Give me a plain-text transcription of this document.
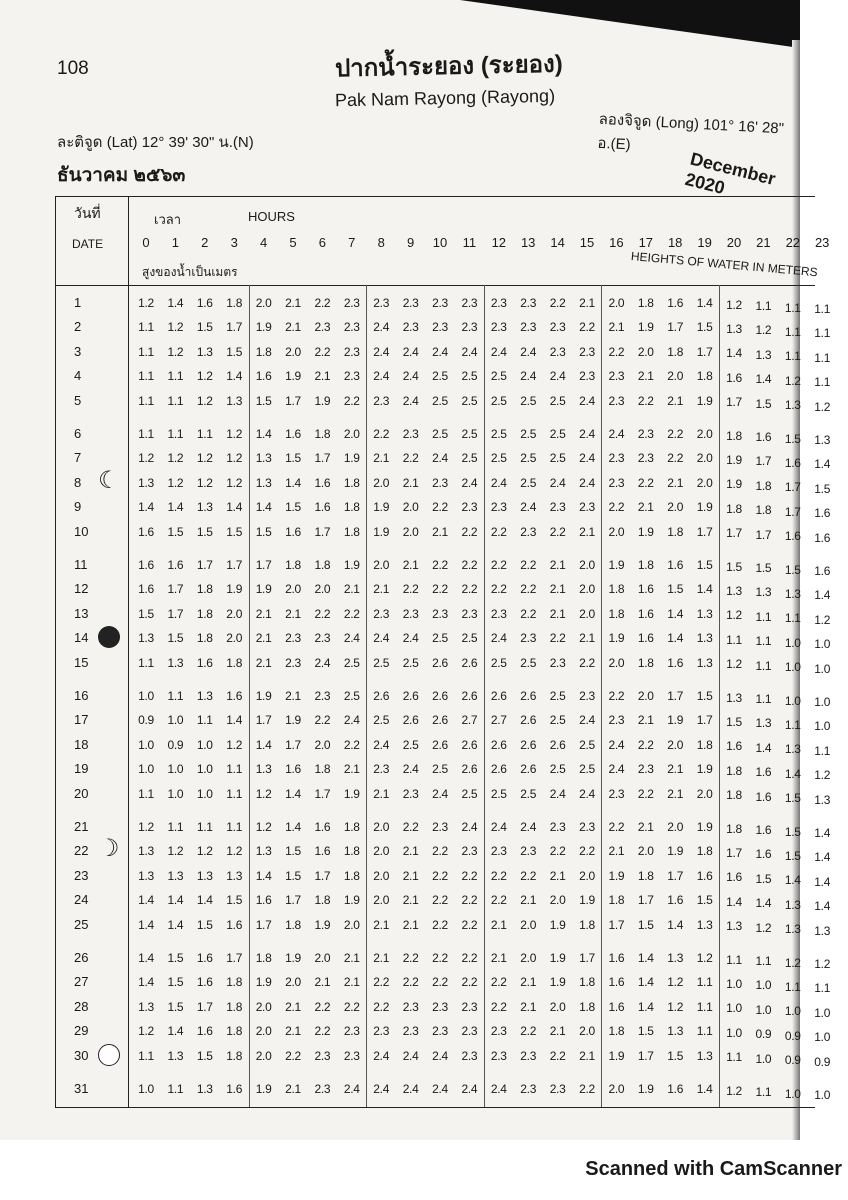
108	ปากน้ำระยอง (ระยอง)
Pak Nam Rayong (Rayong)
ลองจิจูด (Long) 101° 16' 28" อ.(E)
ละติจูด (Lat) 12° 39' 30" น.(N)
ธันวาคม ๒๕๖๓	December 2020
วันที่
DATE
เวลา	HOURS
สูงของน้ำเป็นเมตร	HEIGHTS OF WATER IN METERS
0	1	2	3	4	5	6	7	8	9	10 11 12 13 14 15 16 17 18 19 20 21 22 23
1	1.2	1.4	1.6	1.8	2.0	2.1	2.2	2.3	2.3	2.3	2.3	2.3	2.3	2.3	2.2	2.1	2.0	1.8	1.6	1.4	1.2	1.1	1.1	1.1
2	1.1	1.2	1.5	1.7	1.9	2.1	2.3	2.3	2.4	2.3	2.3	2.3	2.3	2.3	2.3	2.2	2.1	1.9	1.7	1.5	1.3	1.2	1.1	1.1
3	1.1	1.2	1.3	1.5	1.8	2.0	2.2	2.3	2.4	2.4	2.4	2.4	2.4	2.4	2.3	2.3	2.2	2.0	1.8	1.7	1.4	1.3	1.1	1.1
4	1.1	1.1	1.2	1.4	1.6	1.9	2.1	2.3	2.4	2.4	2.5	2.5	2.5	2.4	2.4	2.3	2.3	2.1	2.0	1.8	1.6	1.4	1.2	1.1
5	1.1	1.1	1.2	1.3	1.5	1.7	1.9	2.2	2.3	2.4	2.5	2.5	2.5	2.5	2.5	2.4	2.3	2.2	2.1	1.9	1.7	1.5	1.3	1.2
6	1.1	1.1	1.1	1.2	1.4	1.6	1.8	2.0	2.2	2.3	2.5	2.5	2.5	2.5	2.5	2.4	2.4	2.3	2.2	2.0	1.8	1.6	1.5	1.3
7	1.2	1.2	1.2	1.2	1.3	1.5	1.7	1.9	2.1	2.2	2.4	2.5	2.5	2.5	2.5	2.4	2.3	2.3	2.2	2.0	1.9	1.7	1.6	1.4
8	1.3	1.2	1.2	1.2	1.3	1.4	1.6	1.8	2.0	2.1	2.3	2.4	2.4	2.5	2.4	2.4	2.3	2.2	2.1	2.0	1.9	1.8	1.7	1.5
☾
9	1.4	1.4	1.3	1.4	1.4	1.5	1.6	1.8	1.9	2.0	2.2	2.3	2.3	2.4	2.3	2.3	2.2	2.1	2.0	1.9	1.8	1.8	1.7	1.6
10	1.6	1.5	1.5	1.5	1.5	1.6	1.7	1.8	1.9	2.0	2.1	2.2	2.2	2.3	2.2	2.1	2.0	1.9	1.8	1.7	1.7	1.7	1.6	1.6
11	1.6	1.6	1.7	1.7	1.7	1.8	1.8	1.9	2.0	2.1	2.2	2.2	2.2	2.2	2.1	2.0	1.9	1.8	1.6	1.5	1.5	1.5	1.5	1.6
12	1.6	1.7	1.8	1.9	1.9	2.0	2.0	2.1	2.1	2.2	2.2	2.2	2.2	2.2	2.1	2.0	1.8	1.6	1.5	1.4	1.3	1.3	1.3	1.4
13	1.5	1.7	1.8	2.0	2.1	2.1	2.2	2.2	2.3	2.3	2.3	2.3	2.3	2.2	2.1	2.0	1.8	1.6	1.4	1.3	1.2	1.1	1.1	1.2
14	1.3	1.5	1.8	2.0	2.1	2.3	2.3	2.4	2.4	2.4	2.5	2.5	2.4	2.3	2.2	2.1	1.9	1.6	1.4	1.3	1.1	1.1	1.0	1.0
15	1.1	1.3	1.6	1.8	2.1	2.3	2.4	2.5	2.5	2.5	2.6	2.6	2.5	2.5	2.3	2.2	2.0	1.8	1.6	1.3	1.2	1.1	1.0	1.0
16	1.0	1.1	1.3	1.6	1.9	2.1	2.3	2.5	2.6	2.6	2.6	2.6	2.6	2.6	2.5	2.3	2.2	2.0	1.7	1.5	1.3	1.1	1.0	1.0
17	0.9	1.0	1.1	1.4	1.7	1.9	2.2	2.4	2.5	2.6	2.6	2.7	2.7	2.6	2.5	2.4	2.3	2.1	1.9	1.7	1.5	1.3	1.1	1.0
18	1.0	0.9	1.0	1.2	1.4	1.7	2.0	2.2	2.4	2.5	2.6	2.6	2.6	2.6	2.6	2.5	2.4	2.2	2.0	1.8	1.6	1.4	1.3	1.1
19	1.0	1.0	1.0	1.1	1.3	1.6	1.8	2.1	2.3	2.4	2.5	2.6	2.6	2.6	2.5	2.5	2.4	2.3	2.1	1.9	1.8	1.6	1.4	1.2
20	1.1	1.0	1.0	1.1	1.2	1.4	1.7	1.9	2.1	2.3	2.4	2.5	2.5	2.5	2.4	2.4	2.3	2.2	2.1	2.0	1.8	1.6	1.5	1.3
21	1.2	1.1	1.1	1.1	1.2	1.4	1.6	1.8	2.0	2.2	2.3	2.4	2.4	2.4	2.3	2.3	2.2	2.1	2.0	1.9	1.8	1.6	1.5	1.4
22	1.3	1.2	1.2	1.2	1.3	1.5	1.6	1.8	2.0	2.1	2.2	2.3	2.3	2.3	2.2	2.2	2.1	2.0	1.9	1.8	1.7	1.6	1.5	1.4
☽
23	1.3	1.3	1.3	1.3	1.4	1.5	1.7	1.8	2.0	2.1	2.2	2.2	2.2	2.2	2.1	2.0	1.9	1.8	1.7	1.6	1.6	1.5	1.4	1.4
24	1.4	1.4	1.4	1.5	1.6	1.7	1.8	1.9	2.0	2.1	2.2	2.2	2.2	2.1	2.0	1.9	1.8	1.7	1.6	1.5	1.4	1.4	1.3	1.4
25	1.4	1.4	1.5	1.6	1.7	1.8	1.9	2.0	2.1	2.1	2.2	2.2	2.1	2.0	1.9	1.8	1.7	1.5	1.4	1.3	1.3	1.2	1.3	1.3
26	1.4	1.5	1.6	1.7	1.8	1.9	2.0	2.1	2.1	2.2	2.2	2.2	2.1	2.0	1.9	1.7	1.6	1.4	1.3	1.2	1.1	1.1	1.2	1.2
27	1.4	1.5	1.6	1.8	1.9	2.0	2.1	2.1	2.2	2.2	2.2	2.2	2.2	2.1	1.9	1.8	1.6	1.4	1.2	1.1	1.0	1.0	1.1	1.1
28	1.3	1.5	1.7	1.8	2.0	2.1	2.2	2.2	2.2	2.3	2.3	2.3	2.2	2.1	2.0	1.8	1.6	1.4	1.2	1.1	1.0	1.0	1.0	1.0
29	1.2	1.4	1.6	1.8	2.0	2.1	2.2	2.3	2.3	2.3	2.3	2.3	2.3	2.2	2.1	2.0	1.8	1.5	1.3	1.1	1.0	0.9	0.9	1.0
30	1.1	1.3	1.5	1.8	2.0	2.2	2.3	2.3	2.4	2.4	2.4	2.3	2.3	2.3	2.2	2.1	1.9	1.7	1.5	1.3	1.1	1.0	0.9	0.9
31	1.0	1.1	1.3	1.6	1.9	2.1	2.3	2.4	2.4	2.4	2.4	2.4	2.4	2.3	2.3	2.2	2.0	1.9	1.6	1.4	1.2	1.1	1.0	1.0
Scanned with CamScanner
